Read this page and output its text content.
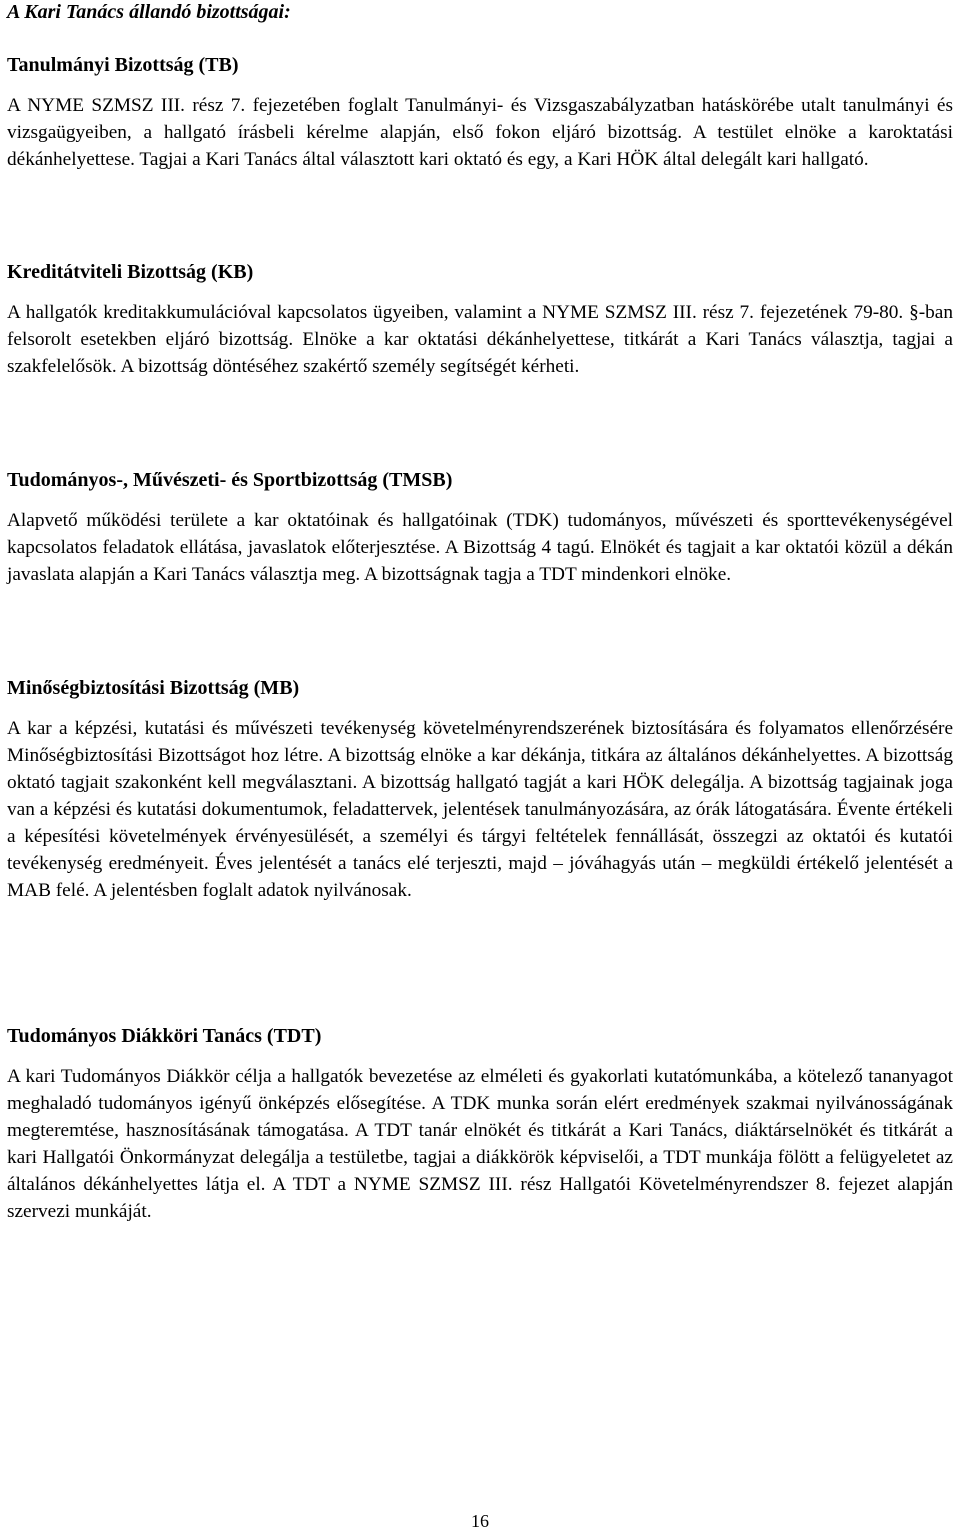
A Kari Tanács állandó bizottságai:
Tanulmányi Bizottság (TB)

A NYME SZMSZ III. rész 7. fejezetében foglalt Tanulmányi- és Vizsgaszabályzatban hatáskörébe utalt tanulmányi és vizsgaügyeiben, a hallgató írásbeli kérelme alapján, első fokon eljáró bizottság. A testület elnöke a karoktatási dékánhelyettese. Tagjai a Kari Tanács által választott kari oktató és egy, a Kari HÖK által delegált kari hallgató.

Kreditátviteli Bizottság (KB)

A hallgatók kreditakkumulációval kapcsolatos ügyeiben, valamint a NYME SZMSZ III. rész 7. fejezetének 79-80. §-ban felsorolt esetekben eljáró bizottság. Elnöke a kar oktatási dékánhelyettese, titkárát a Kari Tanács választja, tagjai a szakfelelősök. A bizottság döntéséhez szakértő személy segítségét kérheti.

Tudományos-, Művészeti- és Sportbizottság (TMSB)

Alapvető működési területe a kar oktatóinak és hallgatóinak (TDK) tudományos, művészeti és sporttevékenységével kapcsolatos feladatok ellátása, javaslatok előterjesztése. A Bizottság 4 tagú. Elnökét és tagjait a kar oktatói közül a dékán javaslata alapján a Kari Tanács választja meg. A bizottságnak tagja a TDT mindenkori elnöke.

Minőségbiztosítási Bizottság (MB)

A kar a képzési, kutatási és művészeti tevékenység követelményrendszerének biztosítására és folyamatos ellenőrzésére Minőségbiztosítási Bizottságot hoz létre. A bizottság elnöke a kar dékánja, titkára az általános dékánhelyettes. A bizottság oktató tagjait szakonként kell megválasztani. A bizottság hallgató tagját a kari HÖK delegálja. A bizottság tagjainak joga van a képzési és kutatási dokumentumok, feladattervek, jelentések tanulmányozására, az órák látogatására. Évente értékeli a képesítési követelmények érvényesülését, a személyi és tárgyi feltételek fennállását, összegzi az oktatói és kutatói tevékenység eredményeit. Éves jelentését a tanács elé terjeszti, majd – jóváhagyás után – megküldi értékelő jelentését a MAB felé. A jelentésben foglalt adatok nyilvánosak.

Tudományos Diákköri Tanács (TDT)

A kari Tudományos Diákkör célja a hallgatók bevezetése az elméleti és gyakorlati kutatómunkába, a kötelező tananyagot meghaladó tudományos igényű önképzés elősegítése. A TDK munka során elért eredmények szakmai nyilvánosságának megteremtése, hasznosításának támogatása. A TDT tanár elnökét és titkárát a Kari Tanács, diáktárselnökét és titkárát a kari Hallgatói Önkormányzat delegálja a testületbe, tagjai a diákkörök képviselői, a TDT munkája fölött a felügyeletet az általános dékánhelyettes látja el. A TDT a NYME SZMSZ III. rész Hallgatói Követelményrendszer 8. fejezet alapján szervezi munkáját.

16
